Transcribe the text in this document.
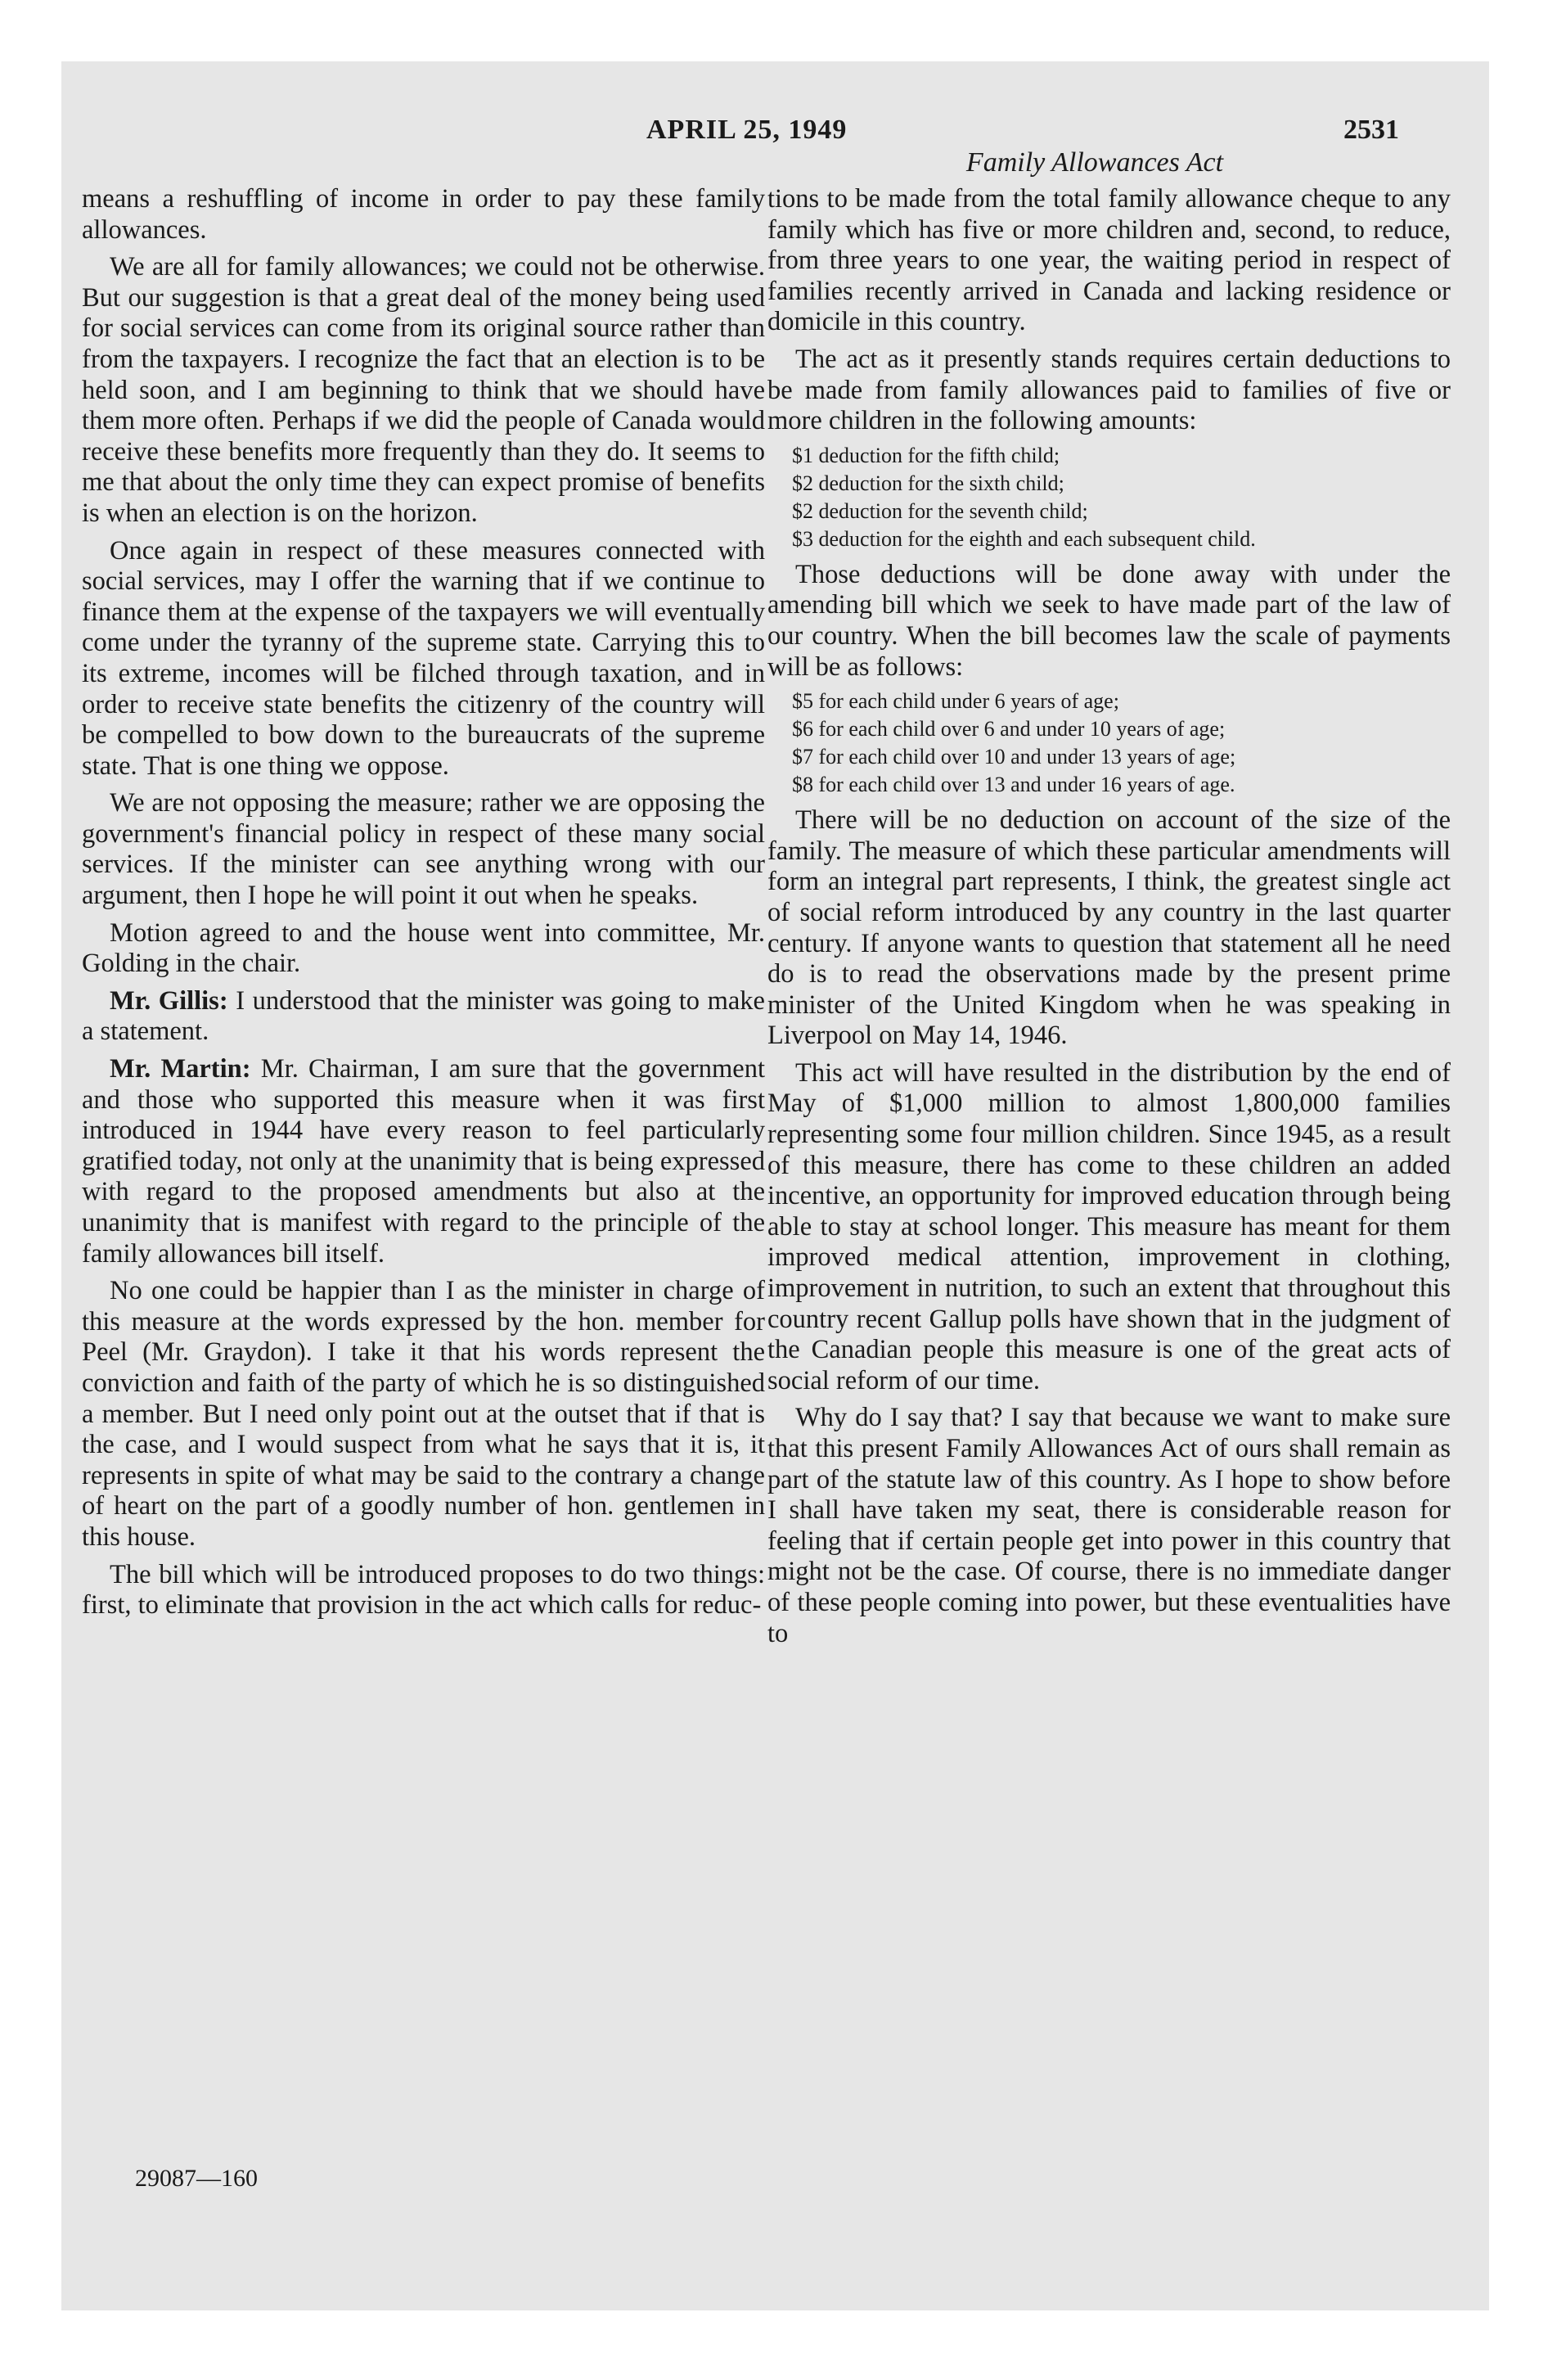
APRIL 25, 1949	2531
Family Allowances Act

means a reshuffling of income in order to pay these family allowances.

We are all for family allowances; we could not be otherwise. But our suggestion is that a great deal of the money being used for social services can come from its original source rather than from the taxpayers. I recognize the fact that an election is to be held soon, and I am beginning to think that we should have them more often. Perhaps if we did the people of Canada would receive these benefits more frequently than they do. It seems to me that about the only time they can expect promise of benefits is when an election is on the horizon.

Once again in respect of these measures connected with social services, may I offer the warning that if we continue to finance them at the expense of the taxpayers we will eventually come under the tyranny of the supreme state. Carrying this to its extreme, incomes will be filched through taxation, and in order to receive state benefits the citizenry of the country will be compelled to bow down to the bureaucrats of the supreme state. That is one thing we oppose.

We are not opposing the measure; rather we are opposing the government's financial policy in respect of these many social services. If the minister can see anything wrong with our argument, then I hope he will point it out when he speaks.

Motion agreed to and the house went into committee, Mr. Golding in the chair.

Mr. Gillis: I understood that the minister was going to make a statement.

Mr. Martin: Mr. Chairman, I am sure that the government and those who supported this measure when it was first introduced in 1944 have every reason to feel particularly gratified today, not only at the unanimity that is being expressed with regard to the proposed amendments but also at the unanimity that is manifest with regard to the principle of the family allowances bill itself.

No one could be happier than I as the minister in charge of this measure at the words expressed by the hon. member for Peel (Mr. Graydon). I take it that his words represent the conviction and faith of the party of which he is so distinguished a member. But I need only point out at the outset that if that is the case, and I would suspect from what he says that it is, it represents in spite of what may be said to the contrary a change of heart on the part of a goodly number of hon. gentlemen in this house.

The bill which will be introduced proposes to do two things: first, to eliminate that provision in the act which calls for reduc-

tions to be made from the total family allowance cheque to any family which has five or more children and, second, to reduce, from three years to one year, the waiting period in respect of families recently arrived in Canada and lacking residence or domicile in this country.

The act as it presently stands requires certain deductions to be made from family allowances paid to families of five or more children in the following amounts:

$1 deduction for the fifth child;
$2 deduction for the sixth child;
$2 deduction for the seventh child;
$3 deduction for the eighth and each subsequent child.

Those deductions will be done away with under the amending bill which we seek to have made part of the law of our country. When the bill becomes law the scale of payments will be as follows:

$5 for each child under 6 years of age;
$6 for each child over 6 and under 10 years of age;
$7 for each child over 10 and under 13 years of age;
$8 for each child over 13 and under 16 years of age.

There will be no deduction on account of the size of the family. The measure of which these particular amendments will form an integral part represents, I think, the greatest single act of social reform introduced by any country in the last quarter century. If anyone wants to question that statement all he need do is to read the observations made by the present prime minister of the United Kingdom when he was speaking in Liverpool on May 14, 1946.

This act will have resulted in the distribution by the end of May of $1,000 million to almost 1,800,000 families representing some four million children. Since 1945, as a result of this measure, there has come to these children an added incentive, an opportunity for improved education through being able to stay at school longer. This measure has meant for them improved medical attention, improvement in clothing, improvement in nutrition, to such an extent that throughout this country recent Gallup polls have shown that in the judgment of the Canadian people this measure is one of the great acts of social reform of our time.

Why do I say that? I say that because we want to make sure that this present Family Allowances Act of ours shall remain as part of the statute law of this country. As I hope to show before I shall have taken my seat, there is considerable reason for feeling that if certain people get into power in this country that might not be the case. Of course, there is no immediate danger of these people coming into power, but these eventualities have to

29087—160
